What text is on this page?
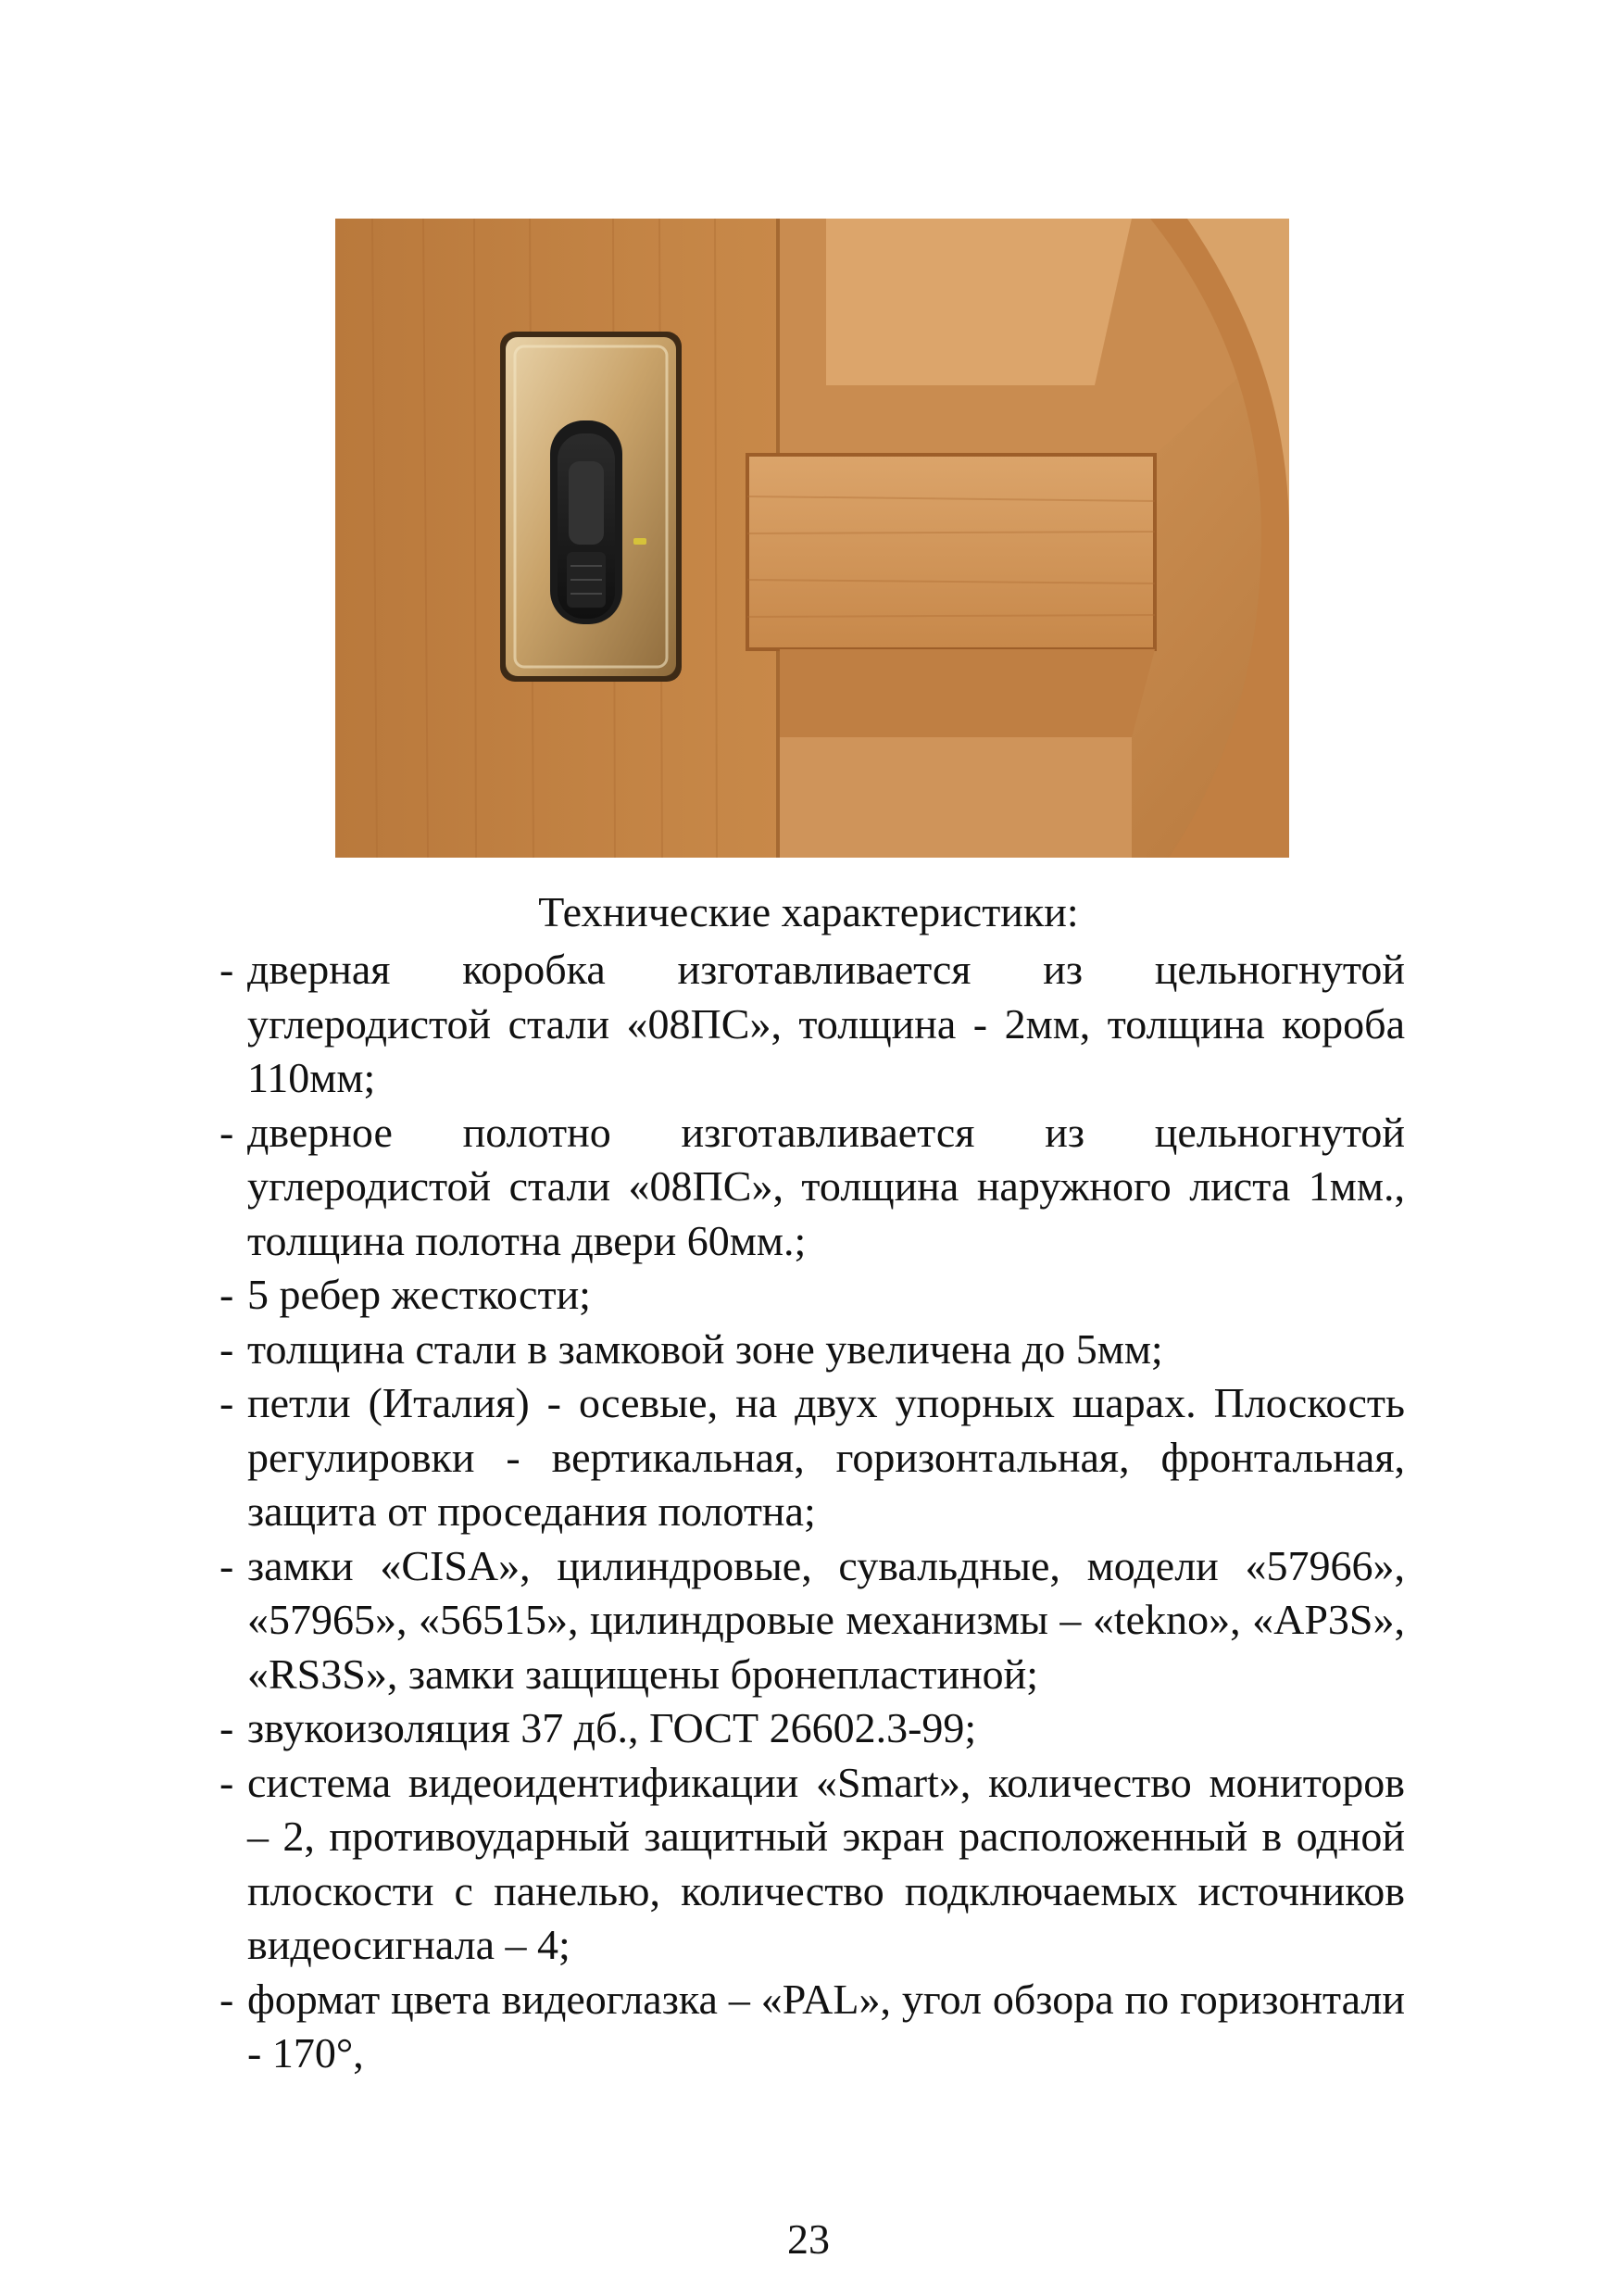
Технические характеристики:
- дверная коробка изготавливается из цельногнутой углеродистой стали «08ПС», толщина - 2мм, толщина короба 110мм;
- дверное полотно изготавливается из цельногнутой углеродистой стали «08ПС», толщина наружного листа 1мм., толщина полотна двери 60мм.;
- 5 ребер жесткости;
- толщина стали в замковой зоне увеличена до 5мм;
- петли (Италия) - осевые, на двух упорных шарах. Плоскость регулировки - вертикальная, горизонтальная, фронтальная, защита от проседания полотна;
- замки «CISA», цилиндровые, сувальдные, модели «57966», «57965», «56515», цилиндровые механизмы – «tekno», «AP3S», «RS3S», замки защищены бронепластиной;
- звукоизоляция 37 дб., ГОСТ 26602.3-99;
- система видеоидентификации «Smart», количество мониторов – 2, противоударный защитный экран расположенный в одной плоскости с панелью, количество подключаемых источников видеосигнала – 4;
- формат цвета видеоглазка – «PAL», угол обзора по горизонтали - 170°,
23
